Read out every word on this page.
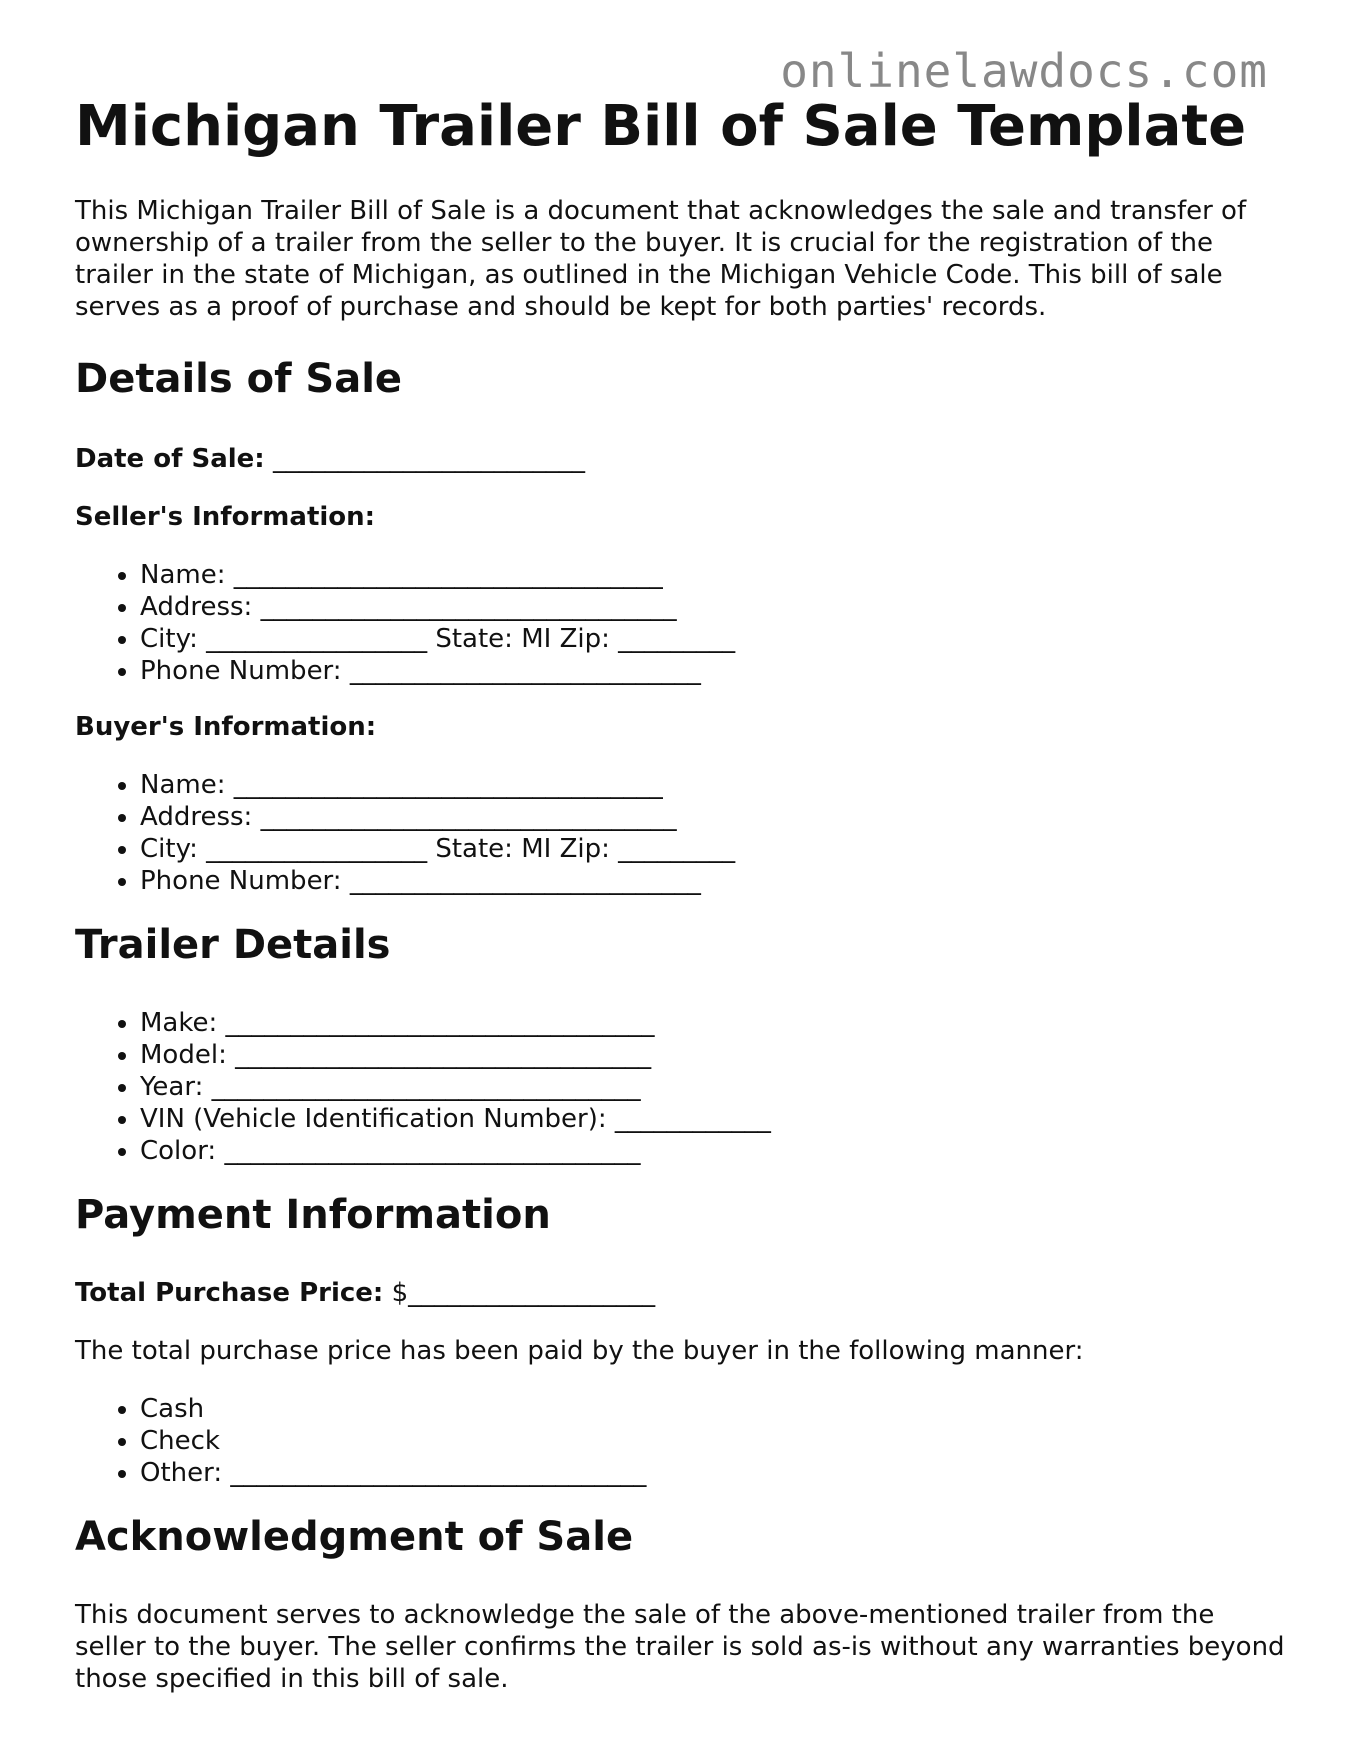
onlinelawdocs.com
Michigan Trailer Bill of Sale Template

This Michigan Trailer Bill of Sale is a document that acknowledges the sale and transfer of ownership of a trailer from the seller to the buyer. It is crucial for the registration of the trailer in the state of Michigan, as outlined in the Michigan Vehicle Code. This bill of sale serves as a proof of purchase and should be kept for both parties' records.

Details of Sale
Date of Sale: ________________________
Seller's Information:
• Name: _________________________________
• Address: ________________________________
• City: _________________ State: MI Zip: _________
• Phone Number: ___________________________
Buyer's Information:
• Name: _________________________________
• Address: ________________________________
• City: _________________ State: MI Zip: _________
• Phone Number: ___________________________
Trailer Details
• Make: _________________________________
• Model: ________________________________
• Year: _________________________________
• VIN (Vehicle Identification Number): ____________
• Color: ________________________________
Payment Information
Total Purchase Price: $___________________

The total purchase price has been paid by the buyer in the following manner:

• Cash
• Check
• Other: ________________________________
Acknowledgment of Sale

This document serves to acknowledge the sale of the above-mentioned trailer from the seller to the buyer. The seller confirms the trailer is sold as-is without any warranties beyond those specified in this bill of sale.
